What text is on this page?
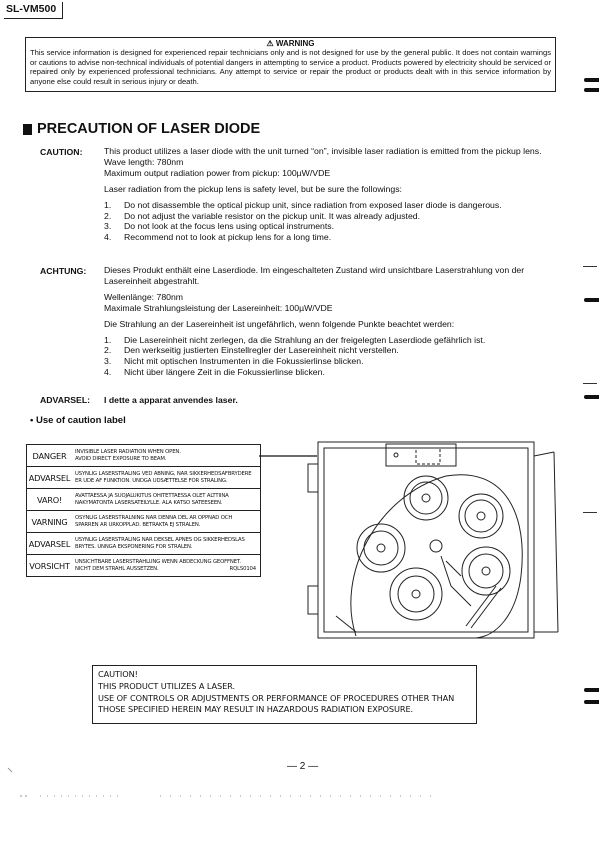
SL-VM500
⚠ WARNING
This service information is designed for experienced repair technicians only and is not designed for use by the general public. It does not contain warnings or cautions to advise non-technical individuals of potential dangers in attempting to service a product. Products powered by electricity should be serviced or repaired only by experienced professional technicians. Any attempt to service or repair the product or products dealt with in this service information by anyone else could result in serious injury or death.
PRECAUTION OF LASER DIODE
CAUTION: This product utilizes a laser diode with the unit turned “on”, invisible laser radiation is emitted from the pickup lens.
Wave length: 780nm
Maximum output radiation power from pickup: 100µW/VDE
Laser radiation from the pickup lens is safety level, but be sure the followings:
1.	Do not disassemble the optical pickup unit, since radiation from exposed laser diode is dangerous.
2.	Do not adjust the variable resistor on the pickup unit. It was already adjusted.
3.	Do not look at the focus lens using optical instruments.
4.	Recommend not to look at pickup lens for a long time.
ACHTUNG: Dieses Produkt enthält eine Laserdiode. Im eingeschalteten Zustand wird unsichtbare Laserstrahlung von der Lasereinheit abgestrahlt.
Wellenlänge: 780nm
Maximale Strahlungsleistung der Lasereinheit: 100µW/VDE
Die Strahlung an der Lasereinheit ist ungefährlich, wenn folgende Punkte beachtet werden:
1.	Die Lasereinheit nicht zerlegen, da die Strahlung an der freigelegten Laserdiode gefährlich ist.
2.	Den werkseitig justierten Einstellregler der Lasereinheit nicht verstellen.
3.	Nicht mit optischen Instrumenten in die Fokussierlinse blicken.
4.	Nicht über längere Zeit in die Fokussierlinse blicken.
ADVARSEL: I dette a apparat anvendes laser.
• Use of caution label
DANGER	INVISIBLE LASER RADIATION WHEN OPEN.
AVOID DIRECT EXPOSURE TO BEAM.
ADVARSEL USYNLIG LASERSTRÅLING VED ÅBNING, NÅR SIKKERHEDSAFBRYDERE
ER UDE AF FUNKTION. UNDGÅ UDSÆTTELSE FOR STRÅLING.
VARO!	AVATTAESSA JA SUOJALUKITUS OHITETTAESSA OLET ALTTIINA
NÄKYMÄTÖNTÄ LASERSÄTEILYLLE. ÄLÄ KATSO SÄTEESEEN.
VARNING	OSYNLIG LASERSTRÅLNING NÄR DENNA DEL ÄR ÖPPNAD OCH
SPÄRREN ÄR URKOPPLAD. BETRAKTA EJ STRÅLEN.
ADVARSEL USYNLIG LASERSTRÅLING NÅR DEKSEL ÅPNES OG SIKKERHEDSLÅS
BRYTES. UNNGÅ EKSPONERING FOR STRÅLEN.
VORSICHT UNSICHTBARE LASERSTRAHLUNG WENN ABDECKUNG GEÖFFNET.
NICHT DEM STRAHL AUSSETZEN.	RQLS0104
CAUTION!
THIS PRODUCT UTILIZES A LASER.
USE OF CONTROLS OR ADJUSTMENTS OR PERFORMANCE OF PROCEDURES OTHER THAN
THOSE SPECIFIED HEREIN MAY RESULT IN HAZARDOUS RADIATION EXPOSURE.
— 2 —
